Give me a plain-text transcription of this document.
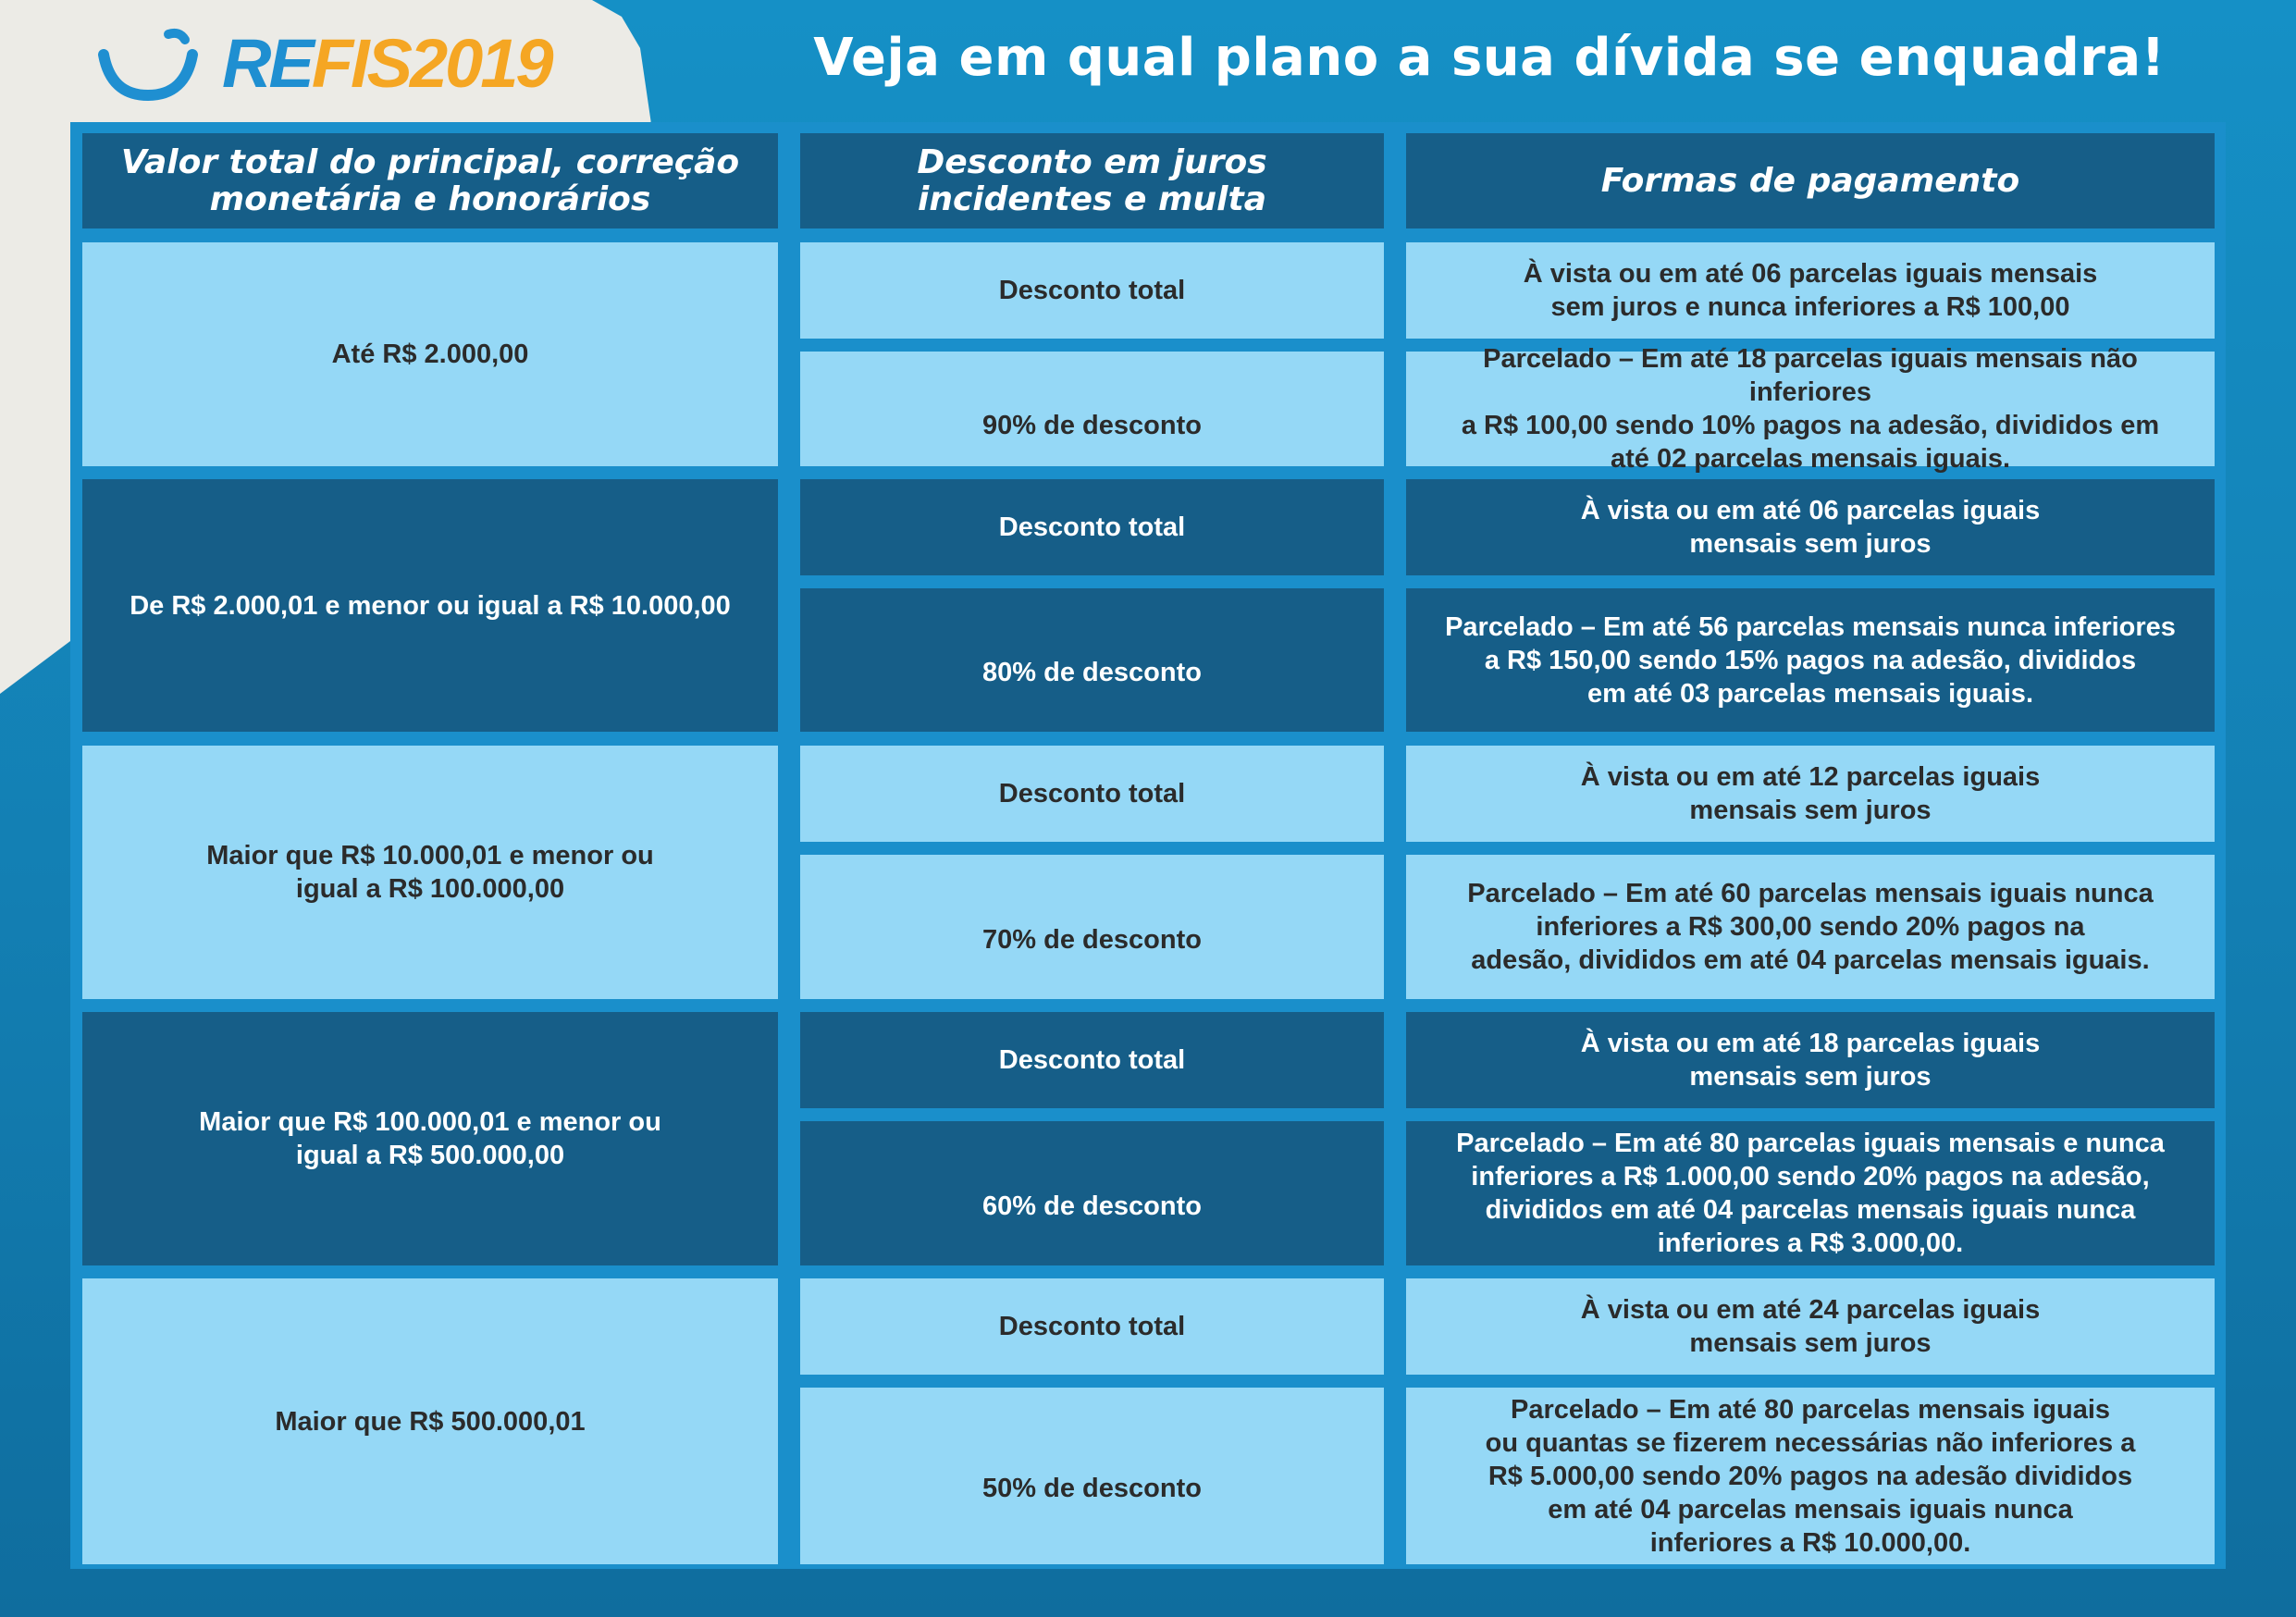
REFIS2019	Veja em qual plano a sua dívida se enquadra!
Valor total do principal, correção
monetária e honorários
Desconto em juros
incidentes e multa	Formas de pagamento
Até R$ 2.000,00
Desconto total
À vista ou em até 06 parcelas iguais mensais
sem juros e nunca inferiores a R$ 100,00
90% de desconto
Parcelado – Em até 18 parcelas iguais mensais não inferiores
a R$ 100,00 sendo 10% pagos na adesão, divididos em
até 02 parcelas mensais iguais.
De R$ 2.000,01 e menor ou igual a R$ 10.000,00
Desconto total
À vista ou em até 06 parcelas iguais
mensais sem juros
80% de desconto
Parcelado – Em até 56 parcelas mensais nunca inferiores
a R$ 150,00 sendo 15% pagos na adesão, divididos
em até 03 parcelas mensais iguais.
Maior que R$ 10.000,01 e menor ou
igual a R$ 100.000,00
Desconto total
À vista ou em até 12 parcelas iguais
mensais sem juros
70% de desconto
Parcelado – Em até 60 parcelas mensais iguais nunca
inferiores a R$ 300,00 sendo 20% pagos na
adesão, divididos em até 04 parcelas mensais iguais.
Maior que R$ 100.000,01 e menor ou
igual a R$ 500.000,00
Desconto total
À vista ou em até 18 parcelas iguais
mensais sem juros
60% de desconto
Parcelado – Em até 80 parcelas iguais mensais e nunca
inferiores a R$ 1.000,00 sendo 20% pagos na adesão,
divididos em até 04 parcelas mensais iguais nunca
inferiores a R$ 3.000,00.
Maior que R$ 500.000,01
Desconto total
À vista ou em até 24 parcelas iguais
mensais sem juros
50% de desconto
Parcelado – Em até 80 parcelas mensais iguais
ou quantas se fizerem necessárias não inferiores a
R$ 5.000,00 sendo 20% pagos na adesão divididos
em até 04 parcelas mensais iguais nunca
inferiores a R$ 10.000,00.
